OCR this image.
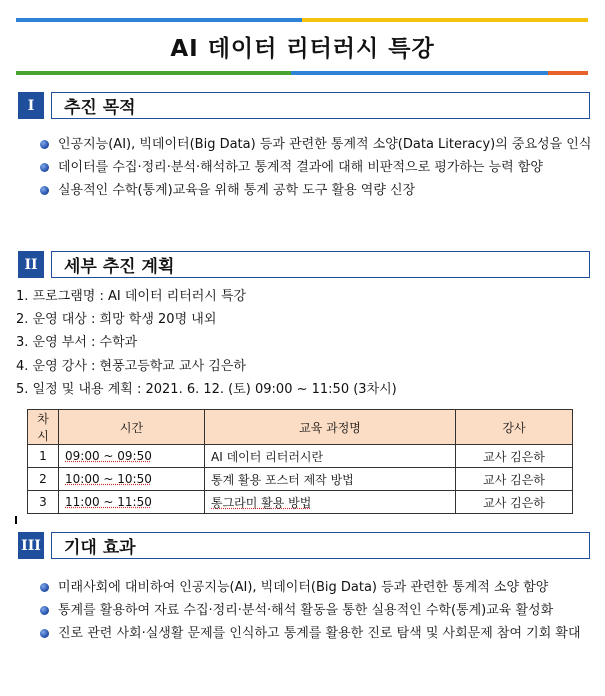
AI 데이터 리터러시 특강
I	추진 목적
인공지능(AI), 빅데이터(Big Data) 등과 관련한 통계적 소양(Data Literacy)의 중요성을 인식
데이터를 수집·정리·분석·해석하고 통계적 결과에 대해 비판적으로 평가하는 능력 함양
실용적인 수학(통계)교육을 위해 통계 공학 도구 활용 역량 신장
II	세부 추진 계획
1. 프로그램명 : AI 데이터 리터러시 특강
2. 운영 대상 : 희망 학생 20명 내외
3. 운영 부서 : 수학과
4. 운영 강사 : 현풍고등학교 교사 김은하
5. 일정 및 내용 계획 : 2021. 6. 12. (토) 09:00 ~ 11:50 (3차시)
차시	시간	교육 과정명	강사
1	09:00 ~ 09:50	AI 데이터 리터러시란	교사 김은하
2	10:00 ~ 10:50	통계 활용 포스터 제작 방법	교사 김은하
3	11:00 ~ 11:50	통그라미 활용 방법	교사 김은하
III	기대 효과
미래사회에 대비하여 인공지능(AI), 빅데이터(Big Data) 등과 관련한 통계적 소양 함양
통계를 활용하여 자료 수집·정리·분석·해석 활동을 통한 실용적인 수학(통계)교육 활성화
진로 관련 사회·실생활 문제를 인식하고 통계를 활용한 진로 탐색 및 사회문제 참여 기회 확대
